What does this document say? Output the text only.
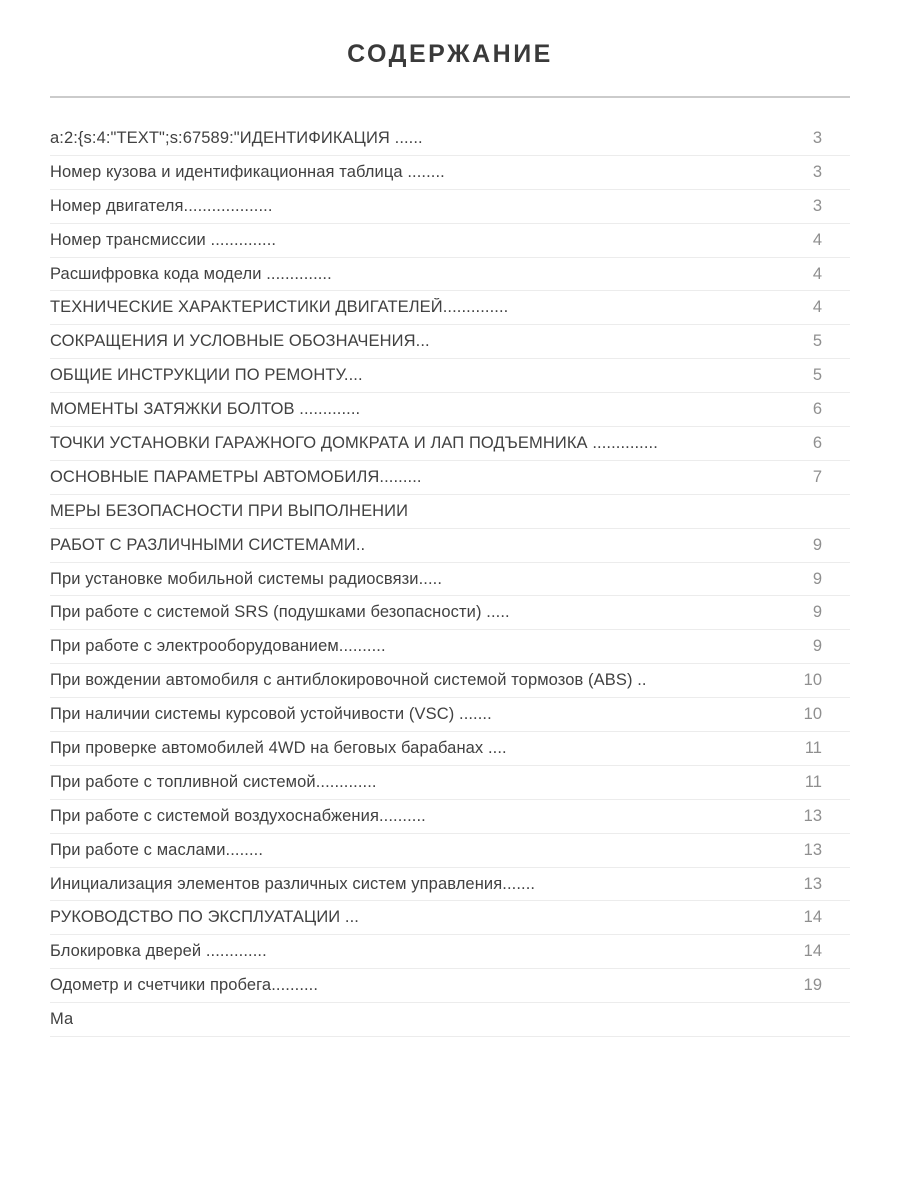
СОДЕРЖАНИЕ
a:2:{s:4:"TEXT";s:67589:"ИДЕНТИФИКАЦИЯ ......	3
Номер кузова и идентификационная таблица ........	3
Номер двигателя...................	3
Номер трансмиссии ..............	4
Расшифровка кода модели ..............	4
ТЕХНИЧЕСКИЕ ХАРАКТЕРИСТИКИ ДВИГАТЕЛЕЙ..............	4
СОКРАЩЕНИЯ И УСЛОВНЫЕ ОБОЗНАЧЕНИЯ...	5
ОБЩИЕ ИНСТРУКЦИИ ПО РЕМОНТУ....	5
МОМЕНТЫ ЗАТЯЖКИ БОЛТОВ .............	6
ТОЧКИ УСТАНОВКИ ГАРАЖНОГО ДОМКРАТА И ЛАП ПОДЪЕМНИКА ..............	6
ОСНОВНЫЕ ПАРАМЕТРЫ АВТОМОБИЛЯ.........	7
МЕРЫ БЕЗОПАСНОСТИ ПРИ ВЫПОЛНЕНИИ
РАБОТ С РАЗЛИЧНЫМИ СИСТЕМАМИ..	9
При установке мобильной системы радиосвязи.....	9
При работе с системой SRS (подушками безопасности) .....	9
При работе с электрооборудованием..........	9
При вождении автомобиля с антиблокировочной системой тормозов (ABS) ..	10
При наличии системы курсовой устойчивости (VSC) .......	10
При проверке автомобилей 4WD на беговых барабанах ....	11
При работе с топливной системой.............	11
При работе с системой воздухоснабжения..........	13
При работе с маслами........	13
Инициализация элементов различных систем управления.......	13
РУКОВОДСТВО ПО ЭКСПЛУАТАЦИИ ...	14
Блокировка дверей .............	14
Одометр и счетчики пробега..........	19
Ма
